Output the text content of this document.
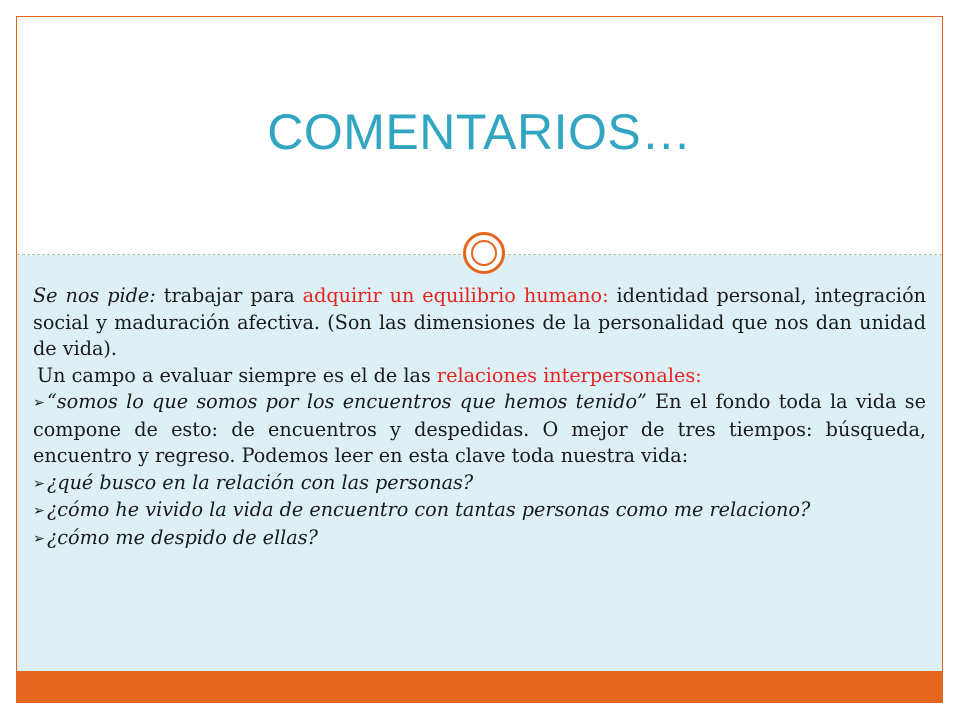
COMENTARIOS…

Se nos pide: trabajar para adquirir un equilibrio humano: identidad personal, integración social y maduración afectiva. (Son las dimensiones de la personalidad que nos dan unidad de vida).

Un campo a evaluar siempre es el de las relaciones interpersonales:

➢ “somos lo que somos por los encuentros que hemos tenido” En el fondo toda la vida se compone de esto: de encuentros y despedidas. O mejor de tres tiempos: búsqueda, encuentro y regreso. Podemos leer en esta clave toda nuestra vida:

➢ ¿qué busco en la relación con las personas?

➢ ¿cómo he vivido la vida de encuentro con tantas personas como me relaciono?

➢ ¿cómo me despido de ellas?
